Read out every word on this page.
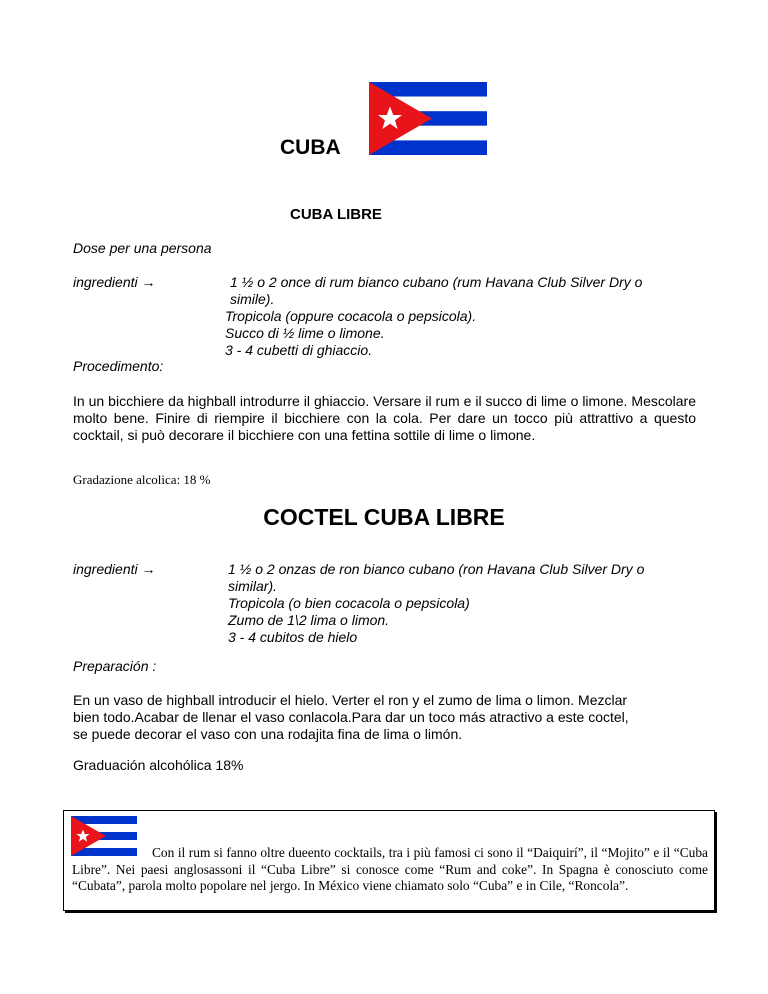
CUBA
CUBA LIBRE
Dose per una persona
ingredienti →	1 ½ o 2 once di rum bianco cubano (rum Havana Club Silver Dry o
simile).
Tropicola (oppure cocacola o pepsicola).
Succo di ½ lime o limone.
3 - 4 cubetti di ghiaccio.
Procedimento:
In un bicchiere da highball introdurre il ghiaccio. Versare il rum e il succo di lime o limone. Mescolare molto bene. Finire di riempire il bicchiere con la cola. Per dare un tocco più attrattivo a questo cocktail, si può decorare il bicchiere con una fettina sottile di lime o limone.
Gradazione alcolica: 18 %
COCTEL CUBA LIBRE
ingredienti →	1 ½ o 2 onzas de ron bianco cubano (ron Havana Club Silver Dry o
similar).
Tropicola (o bien cocacola o pepsicola)
Zumo de 1\2 lima o limon.
3 - 4 cubitos de hielo
Preparación :
En un vaso de highball introducir el hielo. Verter el ron y el zumo de lima o limon. Mezclar
bien todo.Acabar de llenar el vaso conlacola.Para dar un toco más atractivo a este coctel,
se puede decorar el vaso con una rodajita fina de lima o limón.
Graduación alcohólica 18%
Con il rum si fanno oltre dueento cocktails, tra i più famosi ci sono il “Daiquirí”, il “Mojito” e il “Cuba Libre”. Nei paesi anglosassoni il “Cuba Libre” si conosce come “Rum and coke”. In Spagna è conosciuto come “Cubata”, parola molto popolare nel jergo. In México viene chiamato solo “Cuba” e in Cile, “Roncola”.
